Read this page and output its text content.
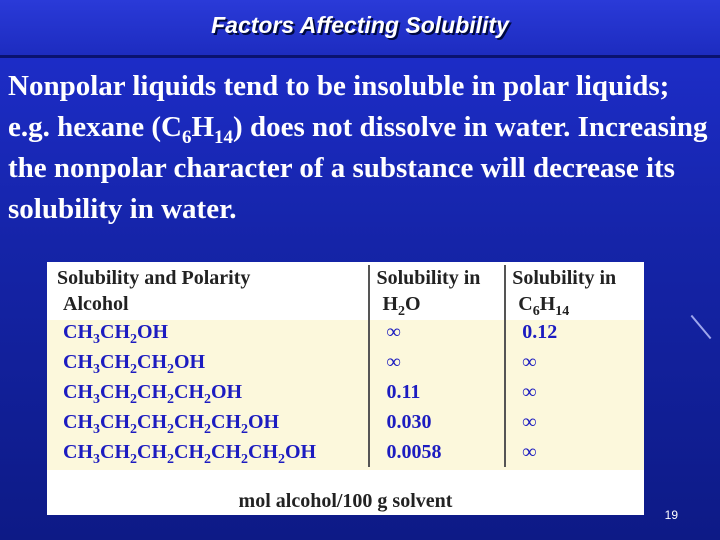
Factors Affecting Solubility
Nonpolar liquids tend to be insoluble in polar liquids; e.g. hexane $(C_6H_{14})$ does not dissolve in water. Increasing the nonpolar character of a substance will decrease its solubility in water.
Solubility and Polarity	Solubility in	Solubility in
Alcohol	$H_2O$	$C_6H_{14}$
$CH_3CH_2OH$	∞	0.12
$CH_3CH_2CH_2OH$	∞	∞
$CH_3CH_2CH_2CH_2OH$	0.11	∞
$CH_3CH_2CH_2CH_2CH_2OH$	0.030	∞
$CH_3CH_2CH_2CH_2CH_2CH_2OH$	0.0058	∞
mol alcohol/100 g solvent
19
